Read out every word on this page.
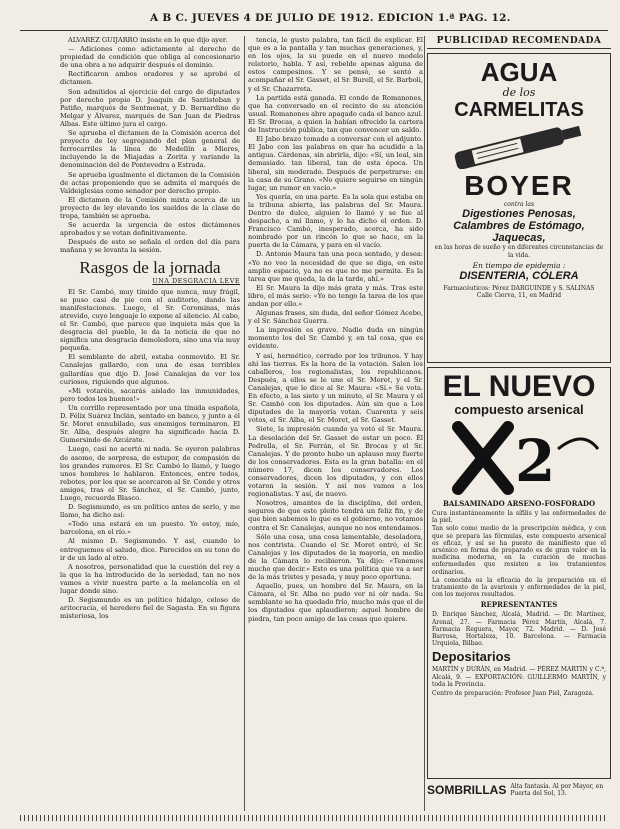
A B C. JUEVES 4 DE JULIO DE 1912. EDICION 1.ª PAG. 12.

ALVAREZ GUIJARRO insiste en lo que dijo ayer.

— Adiciones como adictamente al derecho de propiedad de condición que obliga al concesionario de una obra a no adquirir después el dominio.

Rectificaron ambos oradores y se aprobó el dictamen.

Son admitidos al ejercicio del cargo de diputados por derecho propio D. Joaquín de Santisteban y Patiño, marqués de Sentmenat, y D. Bernardino de Melgar y Álvarez, marqués de San Juan de Piedras Albas. Este último jura el cargo.

Se aprueba el dictamen de la Comisión acerca del proyecto de ley segregando del plan general de ferrocarriles la línea de Medellín a Mieres, incluyendo la de Miajadas a Zorita y variando la denominación del de Pontevedra a Estrada.

Se aprueba igualmente el dictamen de la Comisión de actas proponiendo que se admita el marqués de Valdeiglesias como senador por derecho propio.

El dictamen de la Comisión mixta acerca de un proyecto de ley elevando los sueldos de la clase de tropa, también se aprueba.

Se acuerda la urgencia de estos dictámenes aprobados y se votan definitivamente.

Después de esto se señala el orden del día para mañana y se levanta la sesión.

Rasgos de la jornada
UNA DESGRACIA LEVE

El Sr. Cambó, muy tímido que nunca, muy frágil, se puso casi de pie con el auditorio, dando las manifestaciones. Luego, el Sr. Corominas, más atrevido, cuyo lenguaje lo expone al silencio. Al cabo, el Sr. Cambó, que parece que inquieta más que la desgracia del pueblo, le da la noticia de que no significa una desgracia demoledora, sino una vía muy pequeña.

El semblante de abril, estaba conmovido. El Sr. Canalejas gallardo, con una de esas terribles gallardías que dijo D. José Canalejas de ver los curiosos, riguiendo que algunos.

«Mi votaréis, sacarás aislado las inmunidades, pero todos los buenos!»

Un corrillo representado por una tímida española, D. Félix Suárez Inclán, sentado en banco, y junto a él Sr. Moret ennubilado, sus enemigos terminaron. El Sr. Alba, después alegre ha significado hacia D. Gumersindo de Azcárate.

Luego, casi no acertó ni nada. Se oyeron palabras de asomo, de sorpresa, de estupor, de compasión de los grandes rumores. El Sr. Cambó lo llamó, y luego unos hombres le hablaron. Entonces, entre todos, rebotes, por los que se acercaron al Sr. Conde y otros amigos, tras el Sr. Sánchez, el Sr. Cambó, junto, Luego, recuerda Blasco.

D. Segismundo, es un político antes de serlo, y me llamo, ha dicho así:

«Todo una estará en un puesto. Yo estoy, mío, barcelona, en el río.»

Al mismo D. Segismundo. Y así, cuando lo entreguemos el saludo, dice. Parecidos en su tono de ir de un lado al otro.

A nosotros, personalidad que la cuestión del rey a la que la ha introducido de la seriedad, tan no nos vamos a vivir nuestra parte a la melancolía en el lugar donde sino.

D. Segismundo es un político hidalgo, celoso de aritocracia, el heredero fiel de Sagasta. En su figura misteriosa, los

tencia, le gusto palabra, tan fácil de explicar. El que es a la pantalla y tan muchas generaciones, y, en los ojos, la su puede en el nuevo modelo relatorio, habla. Y así, rebelde apenas alguna de estos campesinos. Y se pensó, se sentó a acompañar el Sr. Gasset, el Sr. Burell, el Sr. Barboli, y el Sr. Chazarreta.

La partida está ganada. El conde de Romanones, que ha conversado en el recinto de su atención usual. Romanones abre apagado cada el banco azul. El Sr. Brocas, a quien la habían ofrecido la cartera de Instrucción pública, tan que convencer un saldo.

El Jabo brazo tomado a conversar con el adjunto. El Jabo con las palabras en que ha acudido a la antigua. Cárdenas, sin abrirla, dijo: «Sí, un leal, sin demasiado. tan liberal, tan de esta época. Un liberal, sin moderado. Después de perpetrarse: en la casa de su Grano. «No quiere seguirse en ningún lugar, un rumor en vacío.»

Yes quería, en una parte. Es la sola que estaba en la tribuna abierta, las palabras del Sr. Maura. Dentro de dulce, alguien lo llamó y se fue al despacho, a mí llamo, y lo ha dicho el orden. D. Francisco Cambó, inesperado, acerca, ha sido nombrado por un rincón lo que se hace, en la puerta de la Cámara, y para en el vacío.

D. Antonio Maura tan una poca sentado, y desea: «Yo no veo la necesidad de que se diga, en este amplio espacio, ya no es que no me permita. Es la tarea que me queda, la de la tarde, ahí.»

El Sr. Maura la dijo más grata y más. Tras este libro, el más serio: «Yo no tengo la tarea de los que andan por ello.»

Algunas frases, sin duda, del señor Gómez Acebo, y el Sr. Sánchez Guerra.

La impresión es grave. Nadie duda en ningún momento los del Sr. Cambó y, en tal cosa, que es evidente.

Y así, hermético, cerrado por los tribunos. Y hay ahí las tierras. Es la hora de la votación. Salen los caballeros, los regionalistas, los republicanos. Después, a ellos se le une el Sr. Moret, y el Sr. Canalejas, que le dice al Sr. Maura: «Sí.» Se vota. En efecto, a las siete y un minuto, el Sr. Maura y el Sr. Cambó con los diputados. Aún sin que a Los diputados de la mayoría votan. Cuarenta y seis votos, el Sr. Alba, el Sr. Moret, el Sr. Gasset.

Siete, la impresión cuando ya votó el Sr. Maura. La desolación del Sr. Gasset de estar un poco. Él Pedrella, el Sr. Ferrán, el Sr. Brocas y el Sr. Canalejas. Y de pronto hubo un aplauso muy fuerte de los conservadores. Esta es la gran batalla: en el número 17, dicen los conservadores. Los conservadores, dicen los diputados, y con ellos votaron la sesión. Y así nos vamos a los regionalistas. Y así, de nuevo.

Nosotros, amantes de la disciplina, del orden, seguros de que este pleito tendrá un feliz fin, y de que bien sabemos lo que es el gobierno, no votamos contra el Sr. Canalejas, aunque no nos entendamos.

Sólo una cosa, una cosa lamentable, desoladora, nos contrista. Cuando el Sr. Moret entró, el Sr. Canalejas y los diputados de la mayoría, en medio de la Cámara lo recibieron. Ya dijo: «Tenemos mucho que decir.» Esto es una política que va a ser de la más tristes y pesada, y muy poco oportuna.

Aquello, pues, un hombre del Sr. Maura, en la Cámara, el Sr. Alba no pudo ver ni oír nada. Su semblante se ha quedado frío, mucho más que el de los diputados que aplaudieron; aquel hombre de piedra, tan poco amigo de las cosas que quiere.

PUBLICIDAD RECOMENDADA
AGUA
de los
CARMELITAS
BOYER
contra las
Digestiones Penosas,
Calambres de Estómago,
Jaquecas,
en las horas de sueño y en diferentes circunstancias de la vida.
En tiempo de epidemia :
DISENTERIA, CÓLERA
Farmacéuticos: Pérez DARGUINDE y S. SALINAS
Calle Cierva, 11, en Madrid
EL NUEVO
compuesto arsenical
2
BALSAMINADO ARSENO-FOSFORADO

Cura instantáneamente la sífilis y las enfermedades de la piel.

Tan solo como medio de la prescripción médica, y con que se prepara las fórmulas, este compuesto arsenical es eficaz, y así se ha puesto de manifiesto que el arsénico en forma de preparado es de gran valor en la medicina moderna, en la curación de muchas enfermedades que resisten a los tratamientos ordinarios.

La conocida es la eficacia de la preparación en el tratamiento de la avariosis y enfermedades de la piel, con los mejores resultados.

REPRESENTANTES
D. Enrique Sánchez, Alcalá, Madrid. — Dr. Martínez, Arenal, 27. — Farmacia Pérez Martín, Alcalá, 7. Farmacia Reguera, Mayor, 72. Madrid. — D. José Barrosa, Hortaleza, 10. Barcelona. — Farmacia Urquiola, Bilbao.
Depositarios
MARTÍN y DURÁN, en Madrid. — PÉREZ MARTÍN y C.ª, Alcalá, 9. — EXPORTACIÓN: GUILLERMO MARTÍN, y toda la Provincia.
Centro de preparación: Profesor Juan Piel, Zaragoza.
SOMBRILLAS Alta fantasía. Al por Mayor, en Puerta del Sol, 13.
